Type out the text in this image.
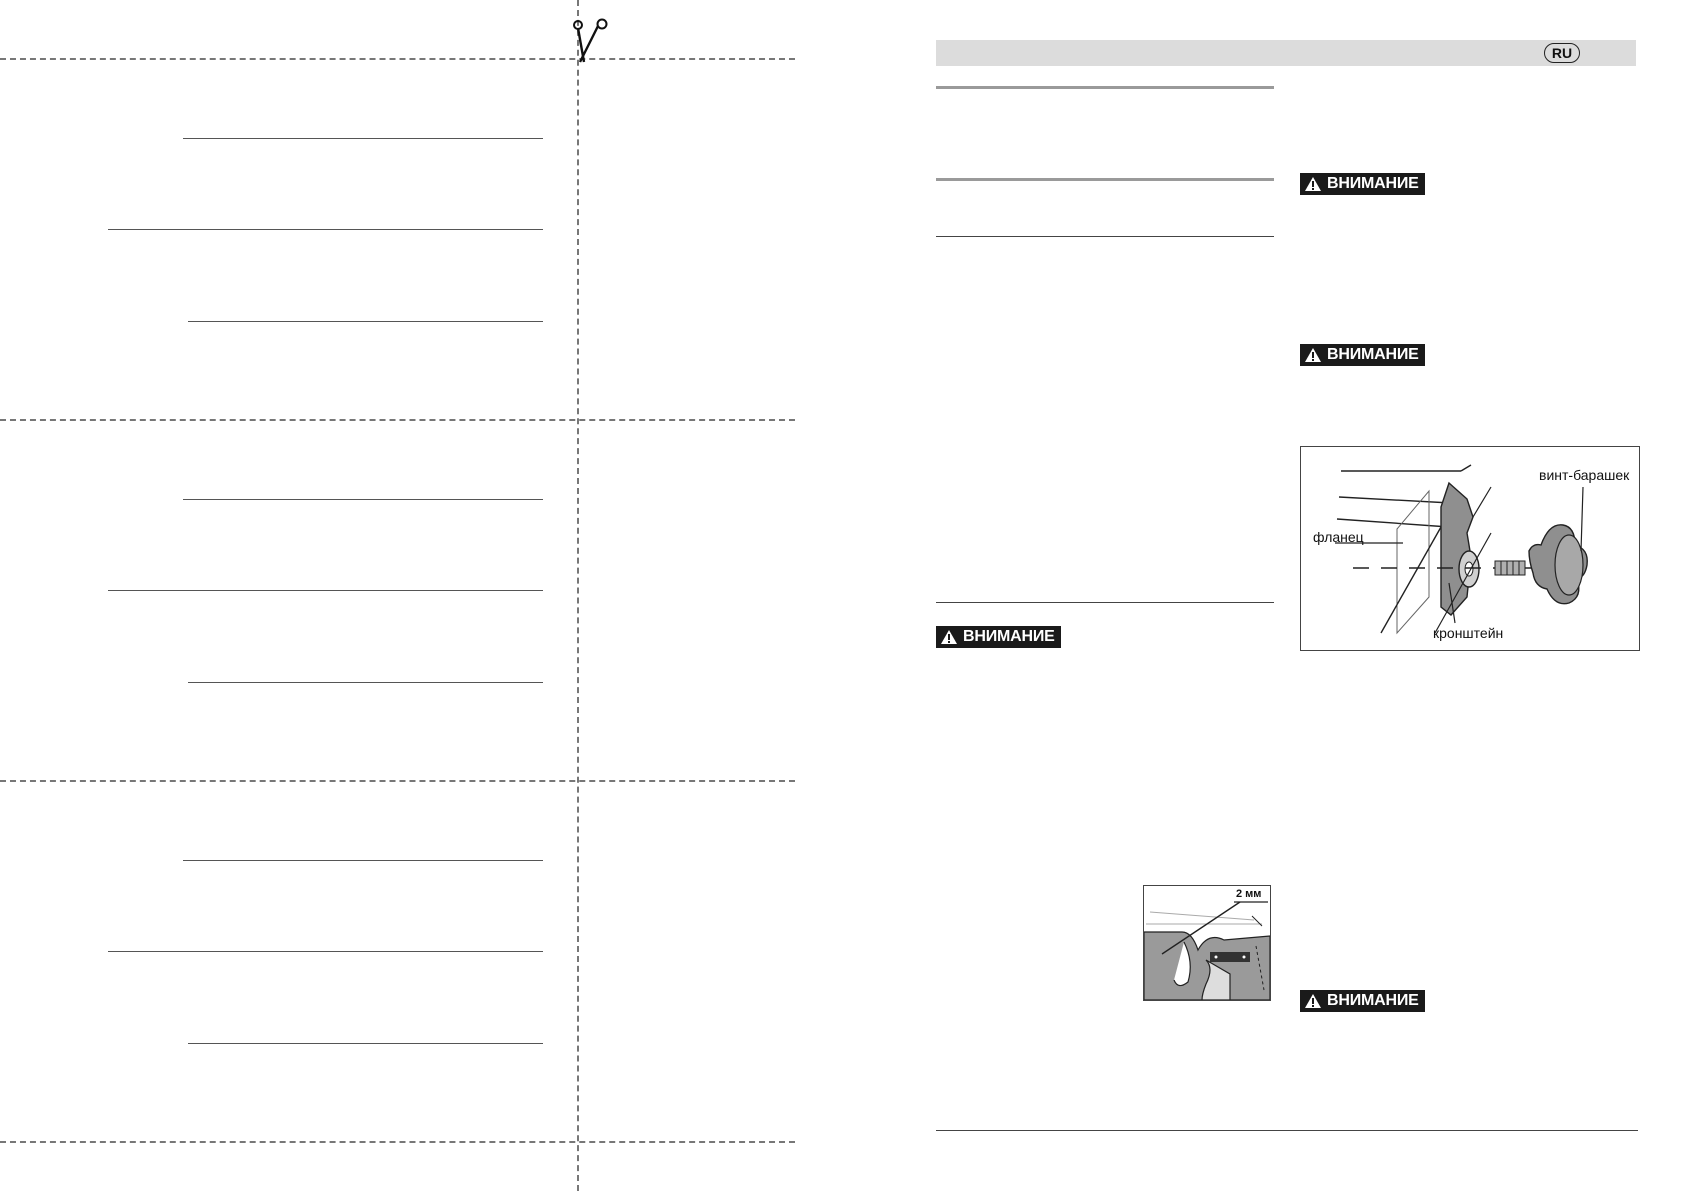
RU
ВНИМАНИЕ
ВНИМАНИЕ
ВНИМАНИЕ
ВНИМАНИЕ
винт-барашек
фланец
кронштейн
2 мм
